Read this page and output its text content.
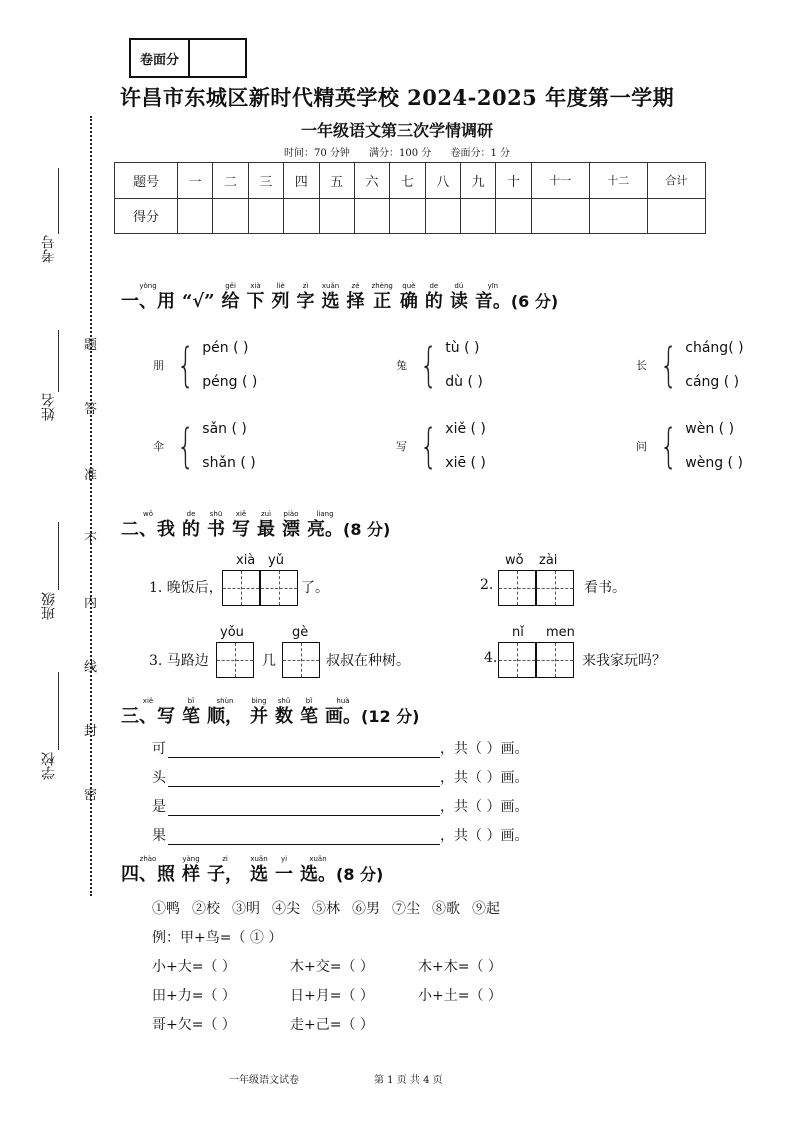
卷面分
许昌市东城区新时代精英学校 2024-2025 年度第一学期
一年级语文第三次学情调研
时间：70 分钟 满分：100 分 卷面分：1 分
题号	一	二	三	四	五	六	七	八	九	十	十一	十二	合计
得分													
考号
姓名
班级
学校
题
答
准
不
内
线
封
密
yòng
一、用 “√”
gěi
给
xià
下
liè
列
zì
字
xuǎn
选
zé
择
zhèng
正
què
确
de
的
dú
读
yīn
音。 (6 分)
朋 { pén ( )
péng ( )
兔 { tù ( )
dù ( )
长 { cháng( )
cáng ( )
伞 { sǎn ( )
shǎn ( )
写 { xiě ( )
xiē ( )
问 { wèn ( )
wèng ( )
wǒ
二、我
de
的
shū
书
xiě
写
zuì
最
piào
漂
liang
亮。 (8 分)
1. 晚饭后，
xià yǔ
了。	2.
wǒ zài
看书。
3. 马路边
yǒu
几
gè
叔叔在种树。	4.
nǐ men
来我家玩吗？
xiě
三、写
bǐ
笔
shùn
顺，
bìng
并
shǔ
数
bǐ
笔
huà
画。 (12 分)
可	，共（ ）画。
头	，共（ ）画。
是	，共（ ）画。
果	，共（ ）画。
zhào
四、照
yàng
样
zi
子，
xuǎn
选
yi
一
xuǎn
选。 (8 分)
①鸭 ②校 ③明 ④尖 ⑤林 ⑥男 ⑦尘 ⑧歌 ⑨起
例：甲+鸟=（ ① ）
小+大=（ ）	木+交=（ ）	木+木=（ ）
田+力=（ ）	日+月=（ ）	小+土=（ ）
哥+欠=（ ）	走+己=（ ）
一年级语文试卷	第 1 页 共 4 页
